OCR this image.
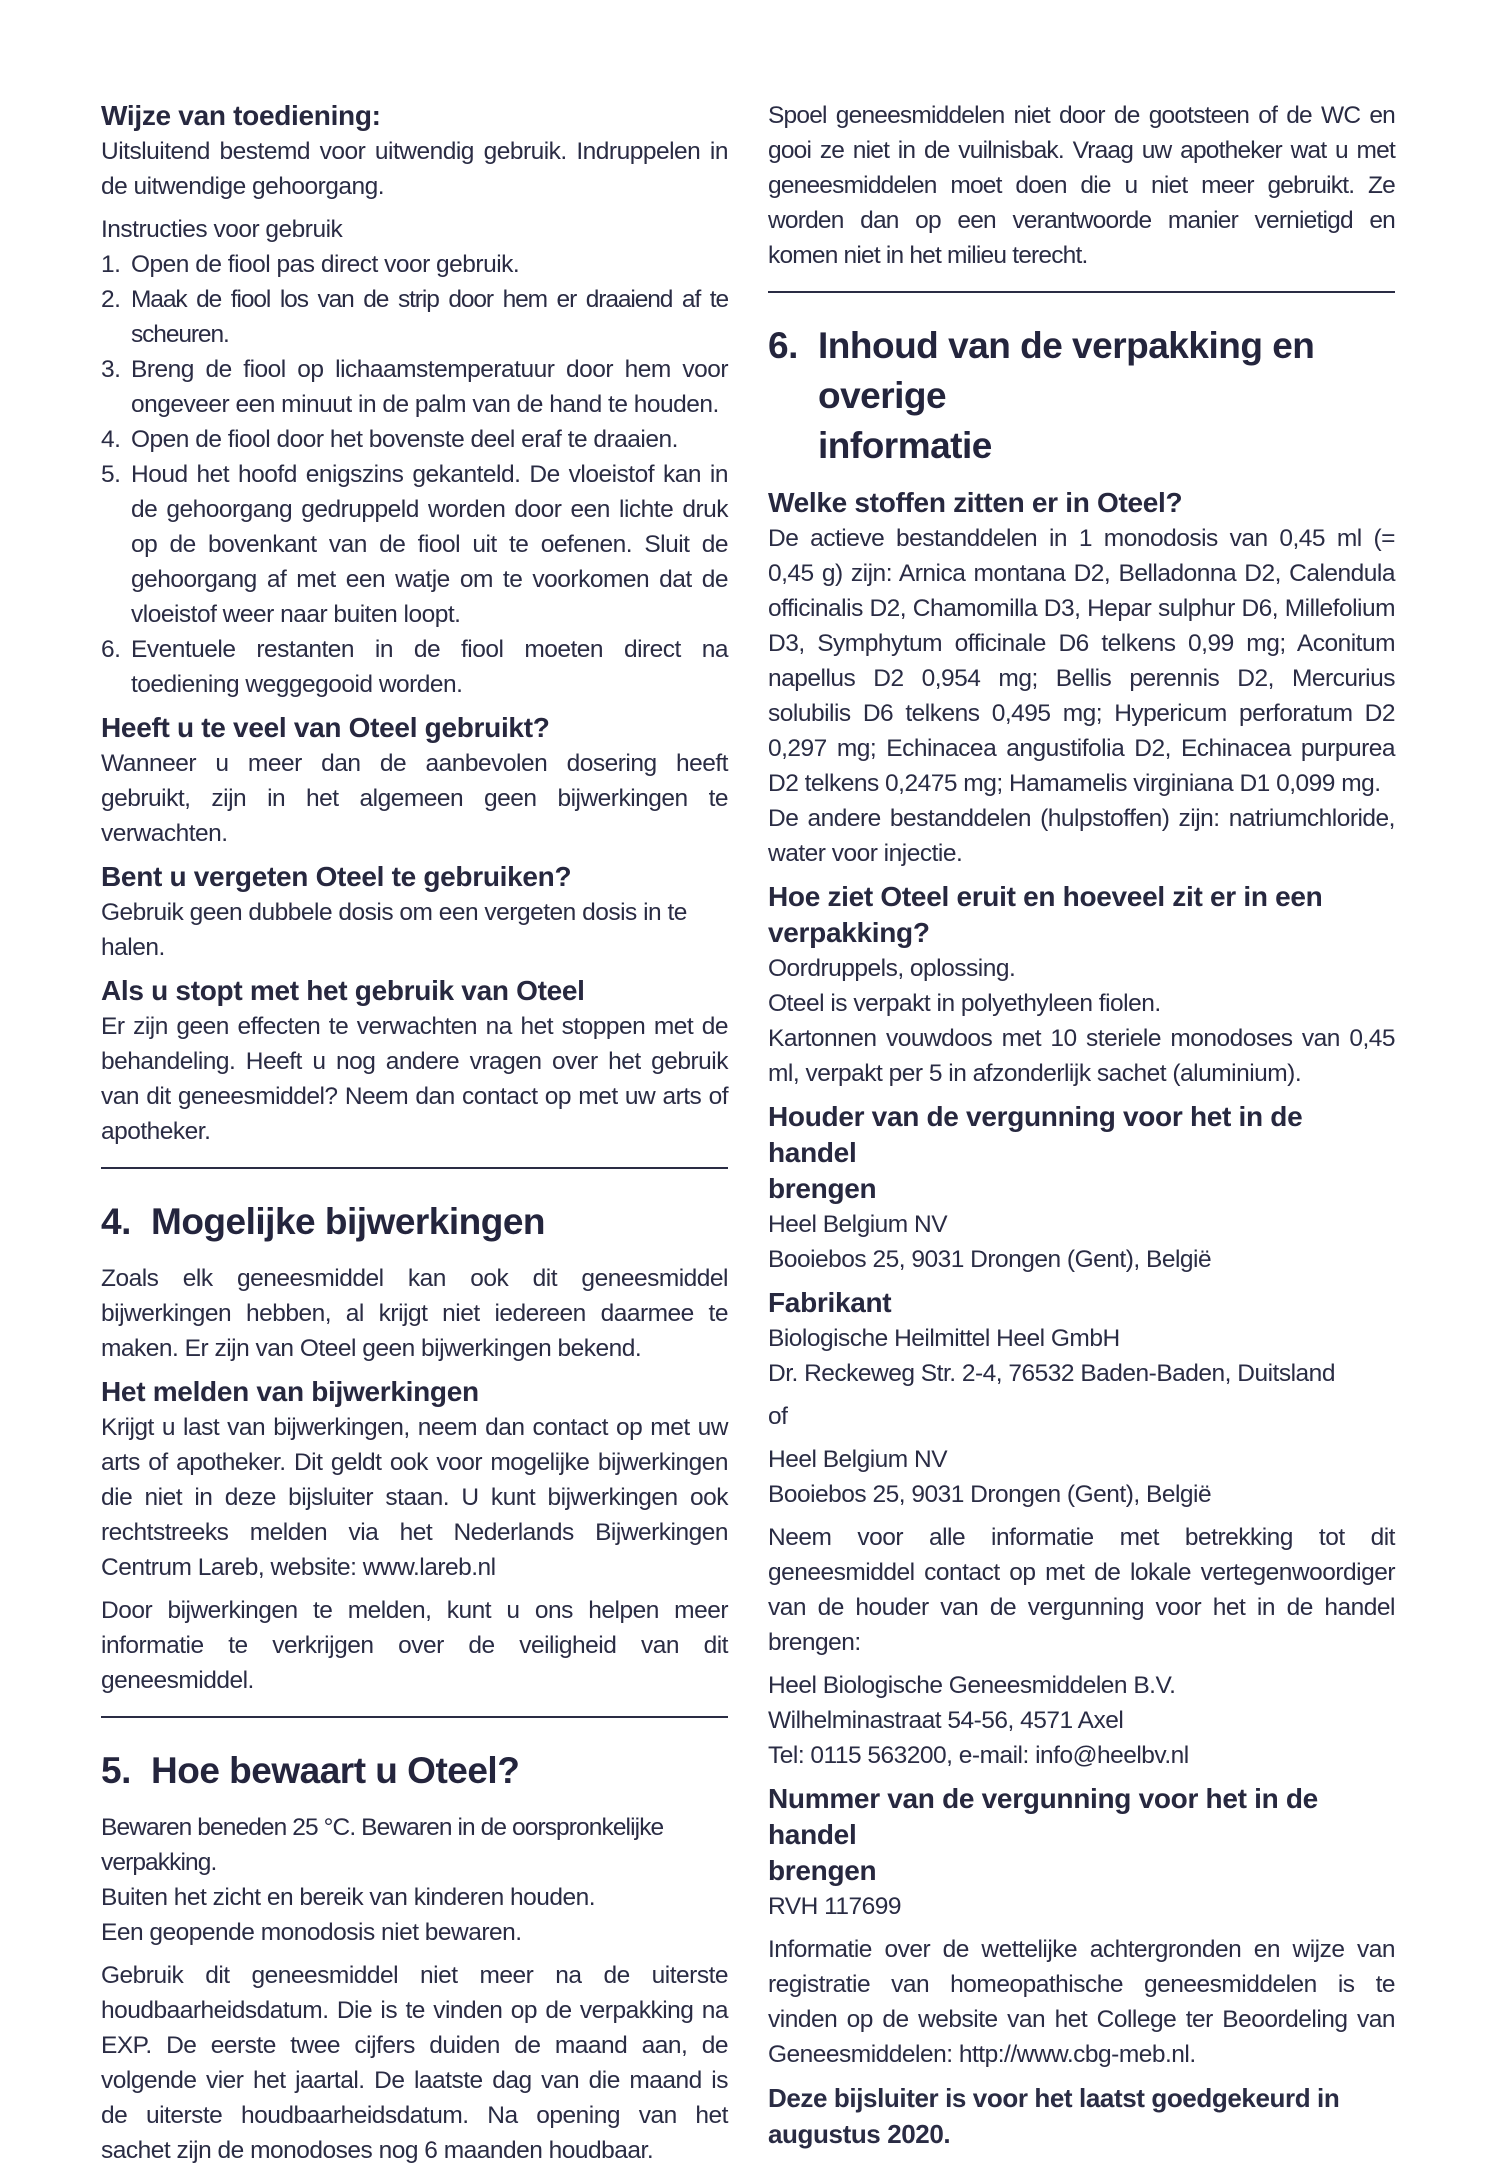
Wijze van toediening:

Uitsluitend bestemd voor uitwendig gebruik. Indruppelen in de uitwendige gehoorgang.

Instructies voor gebruik

1. Open de fiool pas direct voor gebruik.
2. Maak de fiool los van de strip door hem er draaiend af te scheuren.
3. Breng de fiool op lichaamstemperatuur door hem voor ongeveer een minuut in de palm van de hand te houden.
4. Open de fiool door het bovenste deel eraf te draaien.
5. Houd het hoofd enigszins gekanteld. De vloeistof kan in de gehoorgang gedruppeld worden door een lichte druk op de bovenkant van de fiool uit te oefenen. Sluit de gehoorgang af met een watje om te voorkomen dat de vloeistof weer naar buiten loopt.
6. Eventuele restanten in de fiool moeten direct na toediening weggegooid worden.
Heeft u te veel van Oteel gebruikt?

Wanneer u meer dan de aanbevolen dosering heeft gebruikt, zijn in het algemeen geen bijwerkingen te verwachten.

Bent u vergeten Oteel te gebruiken?

Gebruik geen dubbele dosis om een vergeten dosis in te halen.

Als u stopt met het gebruik van Oteel

Er zijn geen effecten te verwachten na het stoppen met de behandeling. Heeft u nog andere vragen over het gebruik van dit geneesmiddel? Neem dan contact op met uw arts of apotheker.

4. Mogelijke bijwerkingen

Zoals elk geneesmiddel kan ook dit geneesmiddel bijwerkingen hebben, al krijgt niet iedereen daarmee te maken. Er zijn van Oteel geen bijwerkingen bekend.

Het melden van bijwerkingen

Krijgt u last van bijwerkingen, neem dan contact op met uw arts of apotheker. Dit geldt ook voor mogelijke bijwerkingen die niet in deze bijsluiter staan. U kunt bijwerkingen ook rechtstreeks melden via het Nederlands Bijwerkingen Centrum Lareb, website: www.lareb.nl

Door bijwerkingen te melden, kunt u ons helpen meer informatie te verkrijgen over de veiligheid van dit geneesmiddel.

5. Hoe bewaart u Oteel?

Bewaren beneden 25 °C. Bewaren in de oorspronkelijke verpakking.

Buiten het zicht en bereik van kinderen houden.

Een geopende monodosis niet bewaren.

Gebruik dit geneesmiddel niet meer na de uiterste houdbaarheidsdatum. Die is te vinden op de verpakking na EXP. De eerste twee cijfers duiden de maand aan, de volgende vier het jaartal. De laatste dag van die maand is de uiterste houdbaarheidsdatum. Na opening van het sachet zijn de monodoses nog 6 maanden houdbaar.

Spoel geneesmiddelen niet door de gootsteen of de WC en gooi ze niet in de vuilnisbak. Vraag uw apotheker wat u met geneesmiddelen moet doen die u niet meer gebruikt. Ze worden dan op een verantwoorde manier vernietigd en komen niet in het milieu terecht.

6. Inhoud van de verpakking en overige
informatie
Welke stoffen zitten er in Oteel?

De actieve bestanddelen in 1 monodosis van 0,45 ml (= 0,45 g) zijn: Arnica montana D2, Belladonna D2, Calendula officinalis D2, Chamomilla D3, Hepar sulphur D6, Millefolium D3, Symphytum officinale D6 telkens 0,99 mg; Aconitum napellus D2 0,954 mg; Bellis perennis D2, Mercurius solubilis D6 telkens 0,495 mg; Hypericum perforatum D2 0,297 mg; Echinacea angustifolia D2, Echinacea purpurea D2 telkens 0,2475 mg; Hamamelis virginiana D1 0,099 mg.

De andere bestanddelen (hulpstoffen) zijn: natriumchloride, water voor injectie.

Hoe ziet Oteel eruit en hoeveel zit er in een
verpakking?

Oordruppels, oplossing.

Oteel is verpakt in polyethyleen fiolen.

Kartonnen vouwdoos met 10 steriele monodoses van 0,45 ml, verpakt per 5 in afzonderlijk sachet (aluminium).

Houder van de vergunning voor het in de handel
brengen

Heel Belgium NV

Booiebos 25, 9031 Drongen (Gent), België

Fabrikant

Biologische Heilmittel Heel GmbH

Dr. Reckeweg Str. 2-4, 76532 Baden-Baden, Duitsland

of

Heel Belgium NV

Booiebos 25, 9031 Drongen (Gent), België

Neem voor alle informatie met betrekking tot dit geneesmiddel contact op met de lokale vertegenwoordiger van de houder van de vergunning voor het in de handel brengen:

Heel Biologische Geneesmiddelen B.V.

Wilhelminastraat 54-56, 4571 Axel

Tel: 0115 563200, e-mail: info@heelbv.nl

Nummer van de vergunning voor het in de handel
brengen

RVH 117699

Informatie over de wettelijke achtergronden en wijze van registratie van homeopathische geneesmiddelen is te vinden op de website van het College ter Beoordeling van Geneesmiddelen: http://www.cbg-meb.nl.

Deze bijsluiter is voor het laatst goedgekeurd in augustus 2020.
